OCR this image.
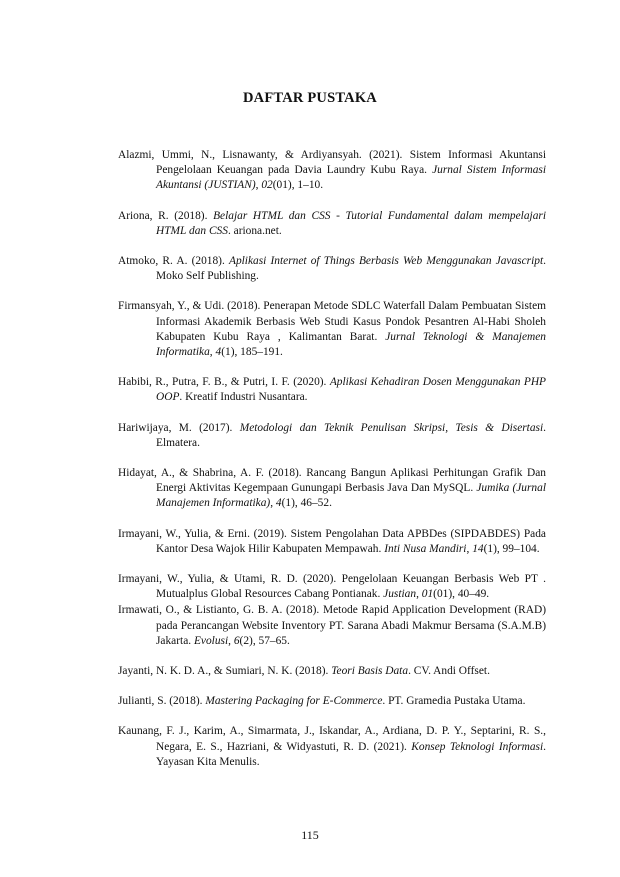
DAFTAR PUSTAKA
Alazmi, Ummi, N., Lisnawanty, & Ardiyansyah. (2021). Sistem Informasi Akuntansi Pengelolaan Keuangan pada Davia Laundry Kubu Raya. Jurnal Sistem Informasi Akuntansi (JUSTIAN), 02(01), 1–10.
Ariona, R. (2018). Belajar HTML dan CSS - Tutorial Fundamental dalam mempelajari HTML dan CSS. ariona.net.
Atmoko, R. A. (2018). Aplikasi Internet of Things Berbasis Web Menggunakan Javascript. Moko Self Publishing.
Firmansyah, Y., & Udi. (2018). Penerapan Metode SDLC Waterfall Dalam Pembuatan Sistem Informasi Akademik Berbasis Web Studi Kasus Pondok Pesantren Al-Habi Sholeh Kabupaten Kubu Raya , Kalimantan Barat. Jurnal Teknologi & Manajemen Informatika, 4(1), 185–191.
Habibi, R., Putra, F. B., & Putri, I. F. (2020). Aplikasi Kehadiran Dosen Menggunakan PHP OOP. Kreatif Industri Nusantara.
Hariwijaya, M. (2017). Metodologi dan Teknik Penulisan Skripsi, Tesis & Disertasi. Elmatera.
Hidayat, A., & Shabrina, A. F. (2018). Rancang Bangun Aplikasi Perhitungan Grafik Dan Energi Aktivitas Kegempaan Gunungapi Berbasis Java Dan MySQL. Jumika (Jurnal Manajemen Informatika), 4(1), 46–52.
Irmayani, W., Yulia, & Erni. (2019). Sistem Pengolahan Data APBDes (SIPDABDES) Pada Kantor Desa Wajok Hilir Kabupaten Mempawah. Inti Nusa Mandiri, 14(1), 99–104.
Irmayani, W., Yulia, & Utami, R. D. (2020). Pengelolaan Keuangan Berbasis Web PT . Mutualplus Global Resources Cabang Pontianak. Justian, 01(01), 40–49.
Irmawati, O., & Listianto, G. B. A. (2018). Metode Rapid Application Development (RAD) pada Perancangan Website Inventory PT. Sarana Abadi Makmur Bersama (S.A.M.B) Jakarta. Evolusi, 6(2), 57–65.
Jayanti, N. K. D. A., & Sumiari, N. K. (2018). Teori Basis Data. CV. Andi Offset.
Julianti, S. (2018). Mastering Packaging for E-Commerce. PT. Gramedia Pustaka Utama.
Kaunang, F. J., Karim, A., Simarmata, J., Iskandar, A., Ardiana, D. P. Y., Septarini, R. S., Negara, E. S., Hazriani, & Widyastuti, R. D. (2021). Konsep Teknologi Informasi. Yayasan Kita Menulis.
115
